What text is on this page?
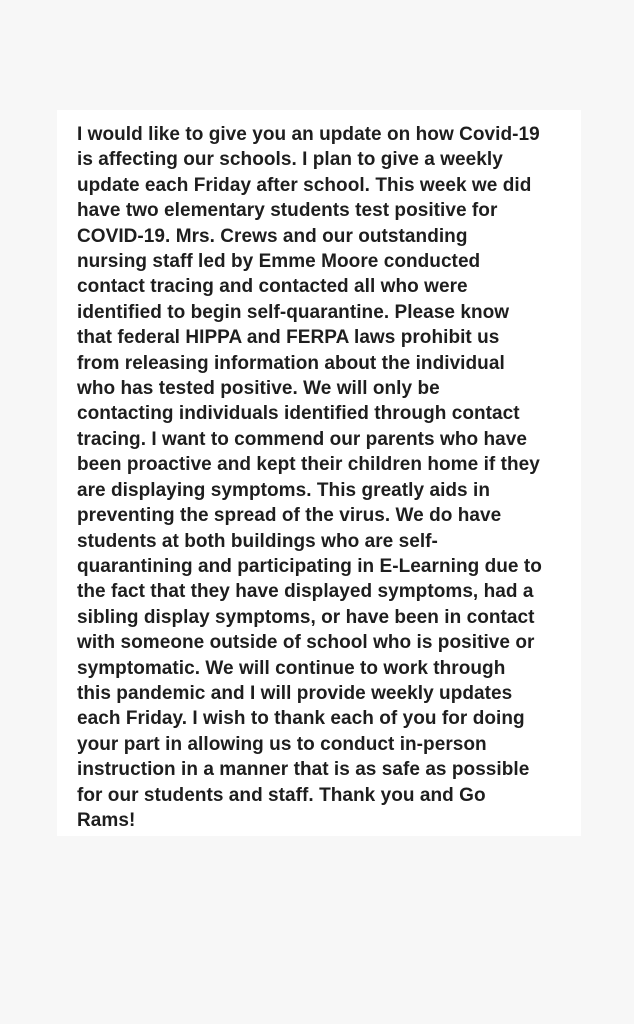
I would like to give you an update on how Covid-19
is affecting our schools. I plan to give a weekly
update each Friday after school. This week we did
have two elementary students test positive for
COVID-19. Mrs. Crews and our outstanding
nursing staff led by Emme Moore conducted
contact tracing and contacted all who were
identified to begin self-quarantine. Please know
that federal HIPPA and FERPA laws prohibit us
from releasing information about the individual
who has tested positive. We will only be
contacting individuals identified through contact
tracing. I want to commend our parents who have
been proactive and kept their children home if they
are displaying symptoms. This greatly aids in
preventing the spread of the virus. We do have
students at both buildings who are self-
quarantining and participating in E-Learning due to
the fact that they have displayed symptoms, had a
sibling display symptoms, or have been in contact
with someone outside of school who is positive or
symptomatic. We will continue to work through
this pandemic and I will provide weekly updates
each Friday. I wish to thank each of you for doing
your part in allowing us to conduct in-person
instruction in a manner that is as safe as possible
for our students and staff. Thank you and Go
Rams!
